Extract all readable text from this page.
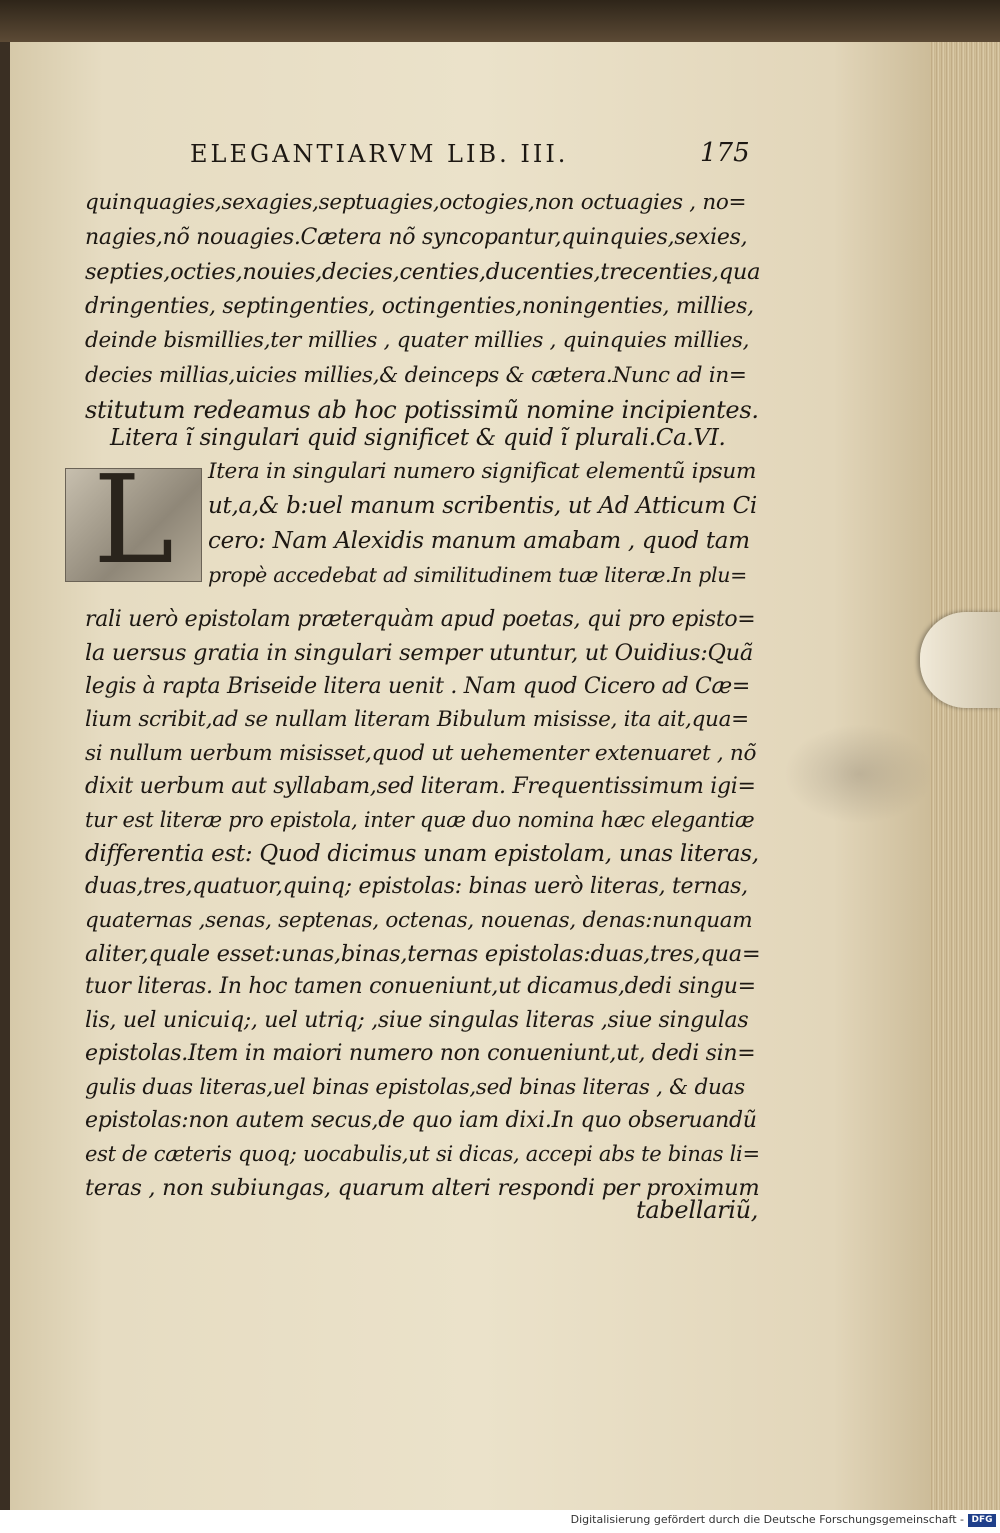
ELEGANTIARVM LIB. III.	175
quinquagies,sexagies,septuagies,octogies,non octuagies , no=
nagies,nõ nouagies.Cætera nõ syncopantur,quinquies,sexies,
septies,octies,nouies,decies,centies,ducenties,trecenties,qua
dringenties, septingenties, octingenties,noningenties, millies,
deinde bismillies,ter millies , quater millies , quinquies millies,
decies millias,uicies millies,& deinceps & cætera.Nunc ad in=
stitutum redeamus ab hoc potissimũ nomine incipientes.
Litera ĩ singulari quid significet & quid ĩ plurali.Ca.VI.
L	Itera in singulari numero significat elementũ ipsum
ut,a,& b:uel manum scribentis, ut Ad Atticum Ci
cero: Nam Alexidis manum amabam , quod tam
propè accedebat ad similitudinem tuæ literæ.In plu=
rali uerò epistolam præterquàm apud poetas, qui pro episto=
la uersus gratia in singulari semper utuntur, ut Ouidius:Quã
legis à rapta Briseide litera uenit . Nam quod Cicero ad Cæ=
lium scribit,ad se nullam literam Bibulum misisse, ita ait,qua=
si nullum uerbum misisset,quod ut uehementer extenuaret , nõ
dixit uerbum aut syllabam,sed literam. Frequentissimum igi=
tur est literæ pro epistola, inter quæ duo nomina hæc elegantiæ
differentia est: Quod dicimus unam epistolam, unas literas,
duas,tres,quatuor,quinq; epistolas: binas uerò literas, ternas,
quaternas ,senas, septenas, octenas, nouenas, denas:nunquam
aliter,quale esset:unas,binas,ternas epistolas:duas,tres,qua=
tuor literas. In hoc tamen conueniunt,ut dicamus,dedi singu=
lis, uel unicuiq;, uel utriq; ,siue singulas literas ,siue singulas
epistolas.Item in maiori numero non conueniunt,ut, dedi sin=
gulis duas literas,uel binas epistolas,sed binas literas , & duas
epistolas:non autem secus,de quo iam dixi.In quo obseruandũ
est de cæteris quoq; uocabulis,ut si dicas, accepi abs te binas li=
teras , non subiungas, quarum alteri respondi per proximum
tabellariũ,
Digitalisierung gefördert durch die Deutsche Forschungsgemeinschaft - DFG
